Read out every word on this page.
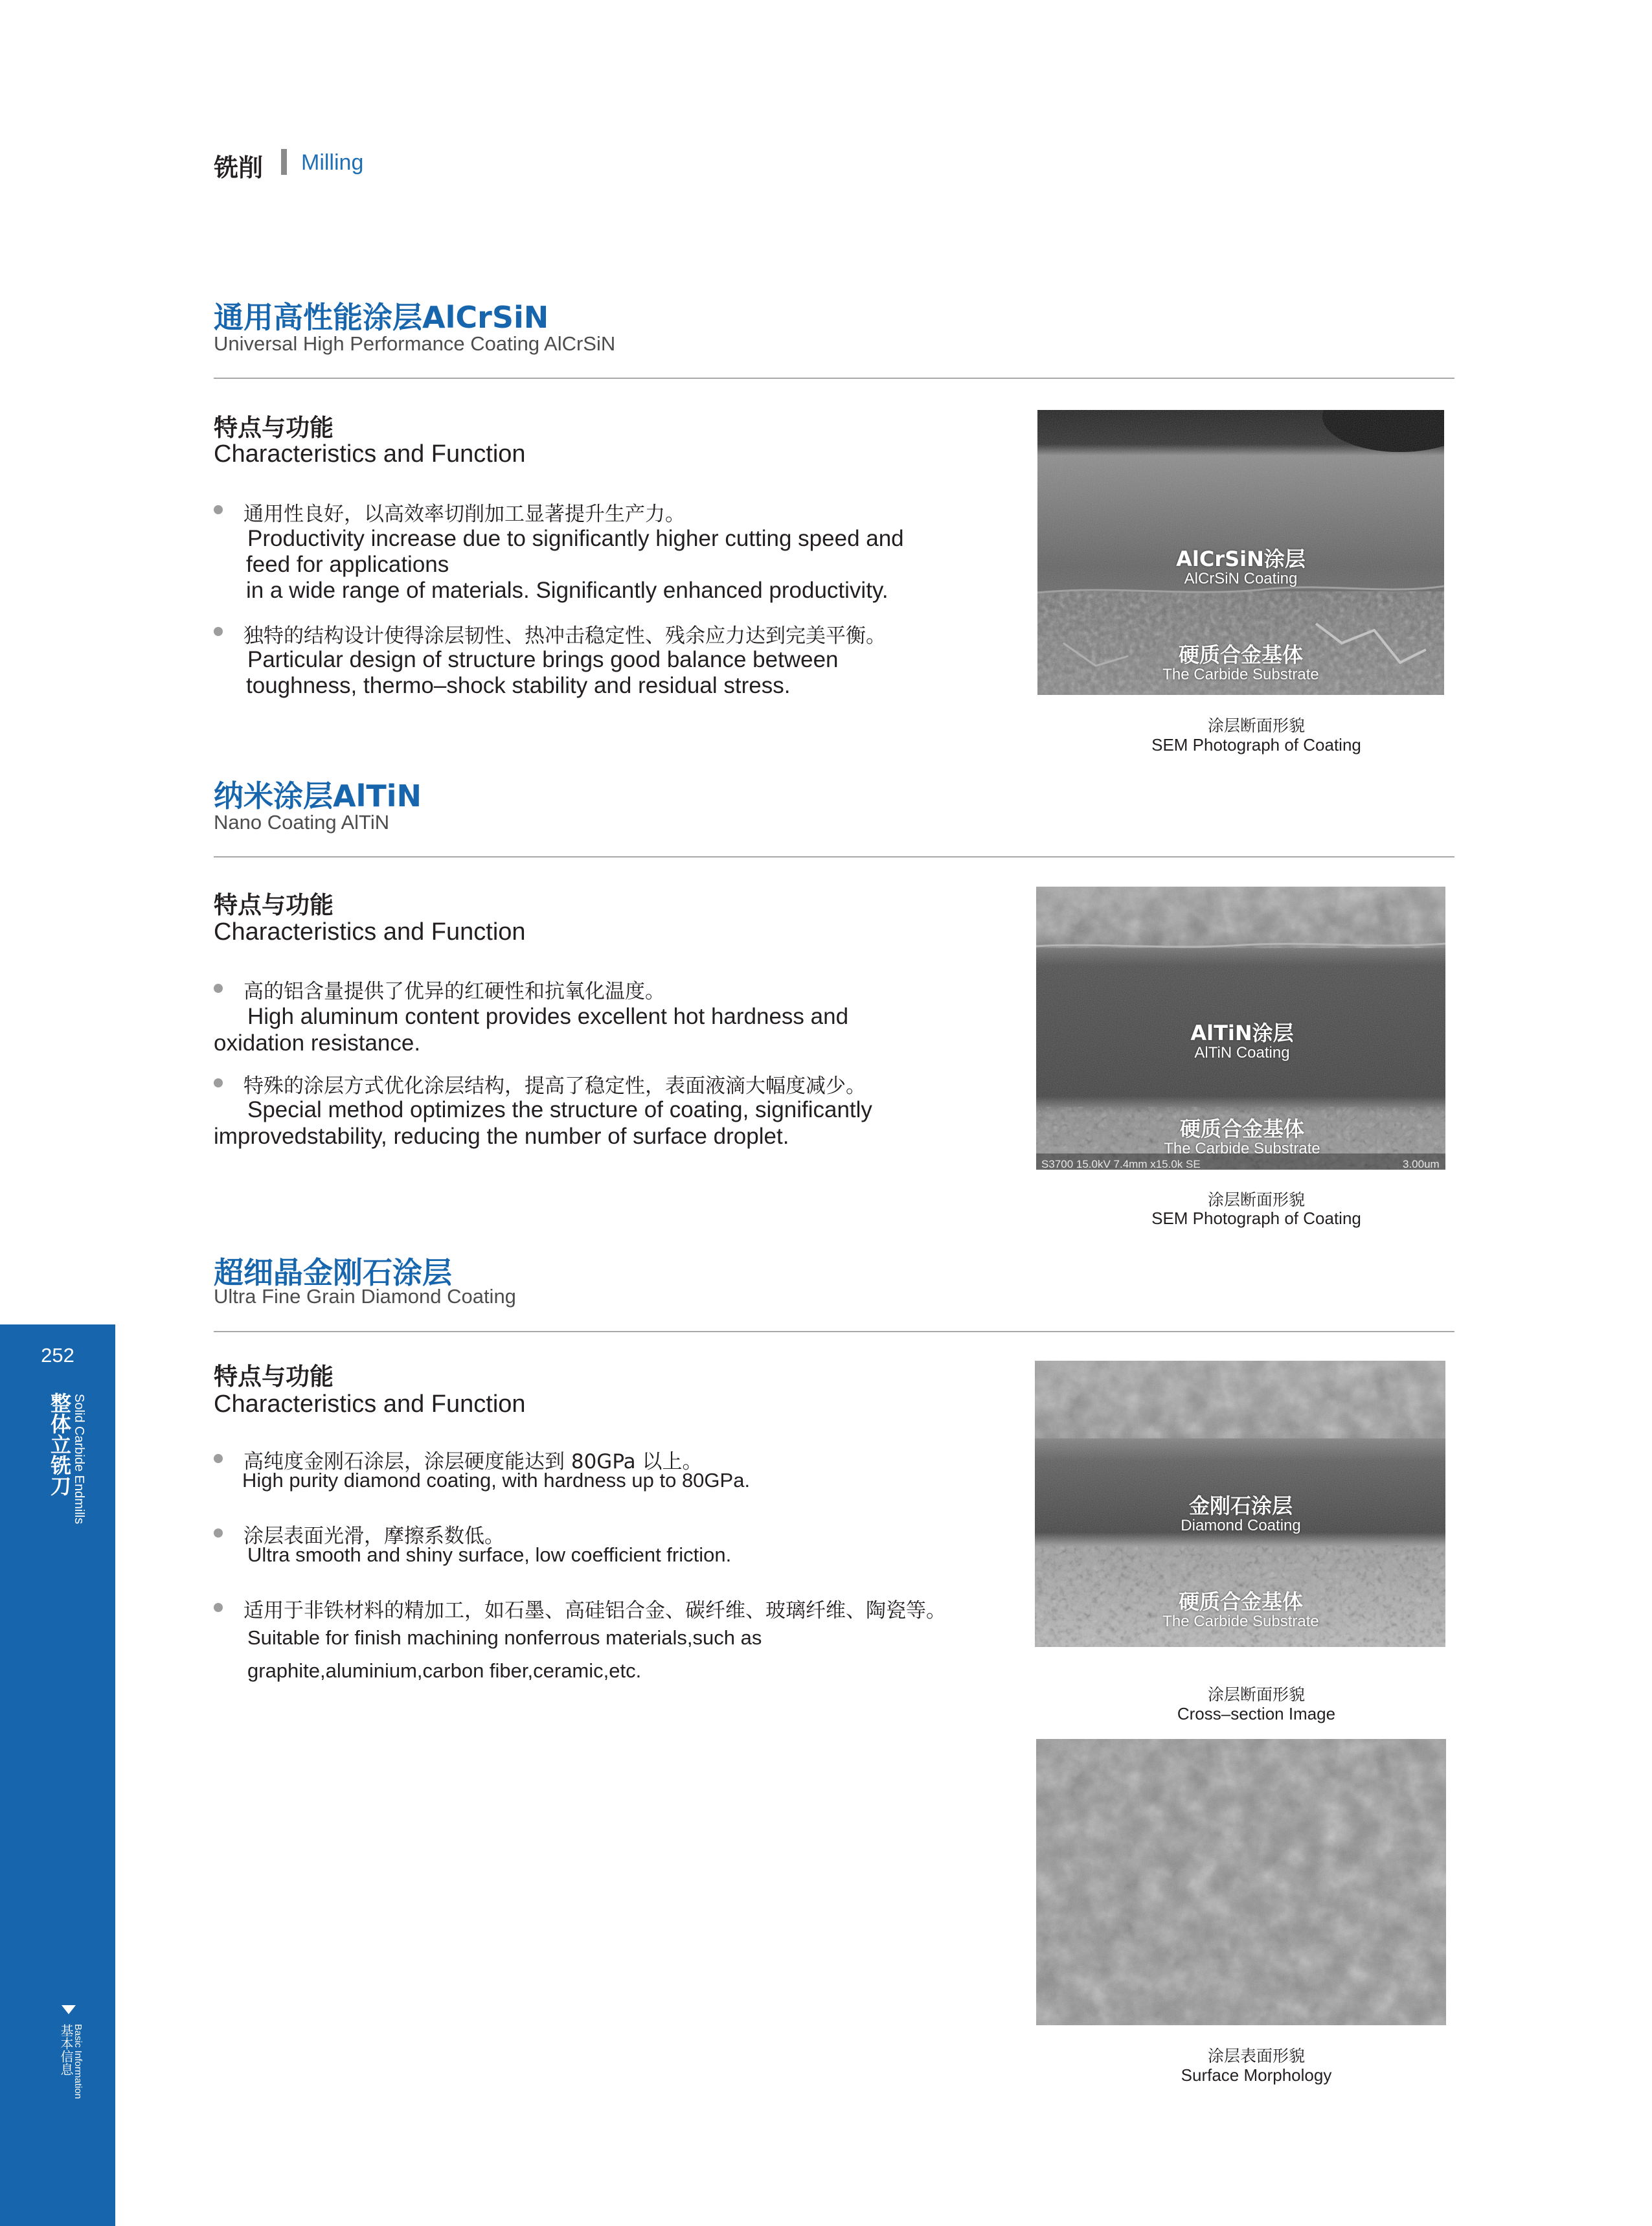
铣削 Milling
通用高性能涂层AlCrSiN
Universal High Performance Coating AlCrSiN
特点与功能
Characteristics and Function
通用性良好，以高效率切削加工显著提升生产力。
Productivity increase due to significantly higher cutting speed and
feed for applications
in a wide range of materials. Significantly enhanced productivity.
独特的结构设计使得涂层韧性、热冲击稳定性、残余应力达到完美平衡。
Particular design of structure brings good balance between
toughness, thermo–shock stability and residual stress.
AlCrSiN涂层
AlCrSiN Coating
硬质合金基体
The Carbide Substrate
涂层断面形貌
SEM Photograph of Coating
纳米涂层AlTiN
Nano Coating AlTiN
特点与功能
Characteristics and Function
高的铝含量提供了优异的红硬性和抗氧化温度。
High aluminum content provides excellent hot hardness and
oxidation resistance.
特殊的涂层方式优化涂层结构，提高了稳定性，表面液滴大幅度减少。
Special method optimizes the structure of coating, significantly
improvedstability, reducing the number of surface droplet.
S3700 15.0kV 7.4mm x15.0k SE	3.00um
AlTiN涂层
AlTiN Coating
硬质合金基体
The Carbide Substrate
涂层断面形貌
SEM Photograph of Coating
超细晶金刚石涂层
Ultra Fine Grain Diamond Coating
特点与功能
Characteristics and Function
高纯度金刚石涂层，涂层硬度能达到 80GPa 以上。
High purity diamond coating, with hardness up to 80GPa.
涂层表面光滑，摩擦系数低。
Ultra smooth and shiny surface, low coefficient friction.
适用于非铁材料的精加工，如石墨、高硅铝合金、碳纤维、玻璃纤维、陶瓷等。
Suitable for finish machining nonferrous materials,such as
graphite,aluminium,carbon fiber,ceramic,etc.
金刚石涂层
Diamond Coating
硬质合金基体
The Carbide Substrate
涂层断面形貌
Cross–section Image
涂层表面形貌
Surface Morphology
252
整体立铣刀 Solid Carbide Endmills
基本信息
Basic Information
